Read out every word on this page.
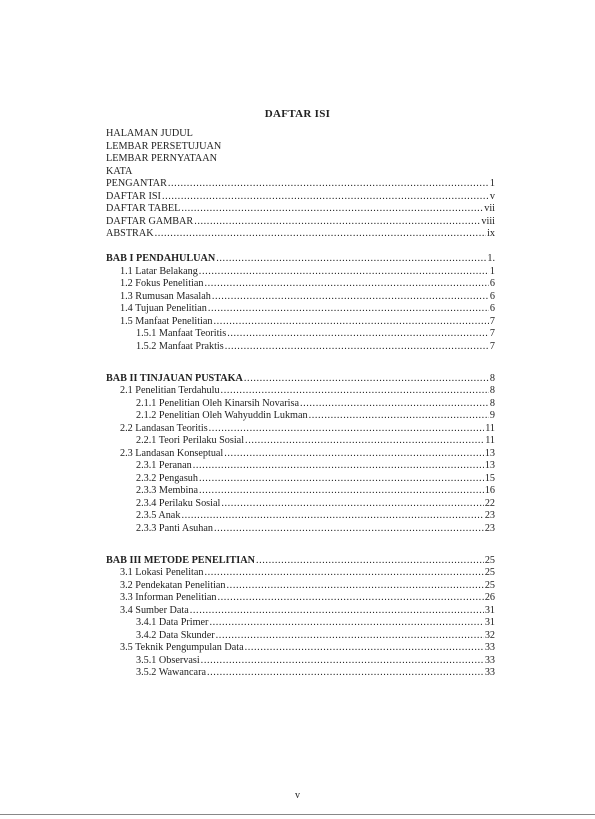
DAFTAR ISI
HALAMAN JUDUL
LEMBAR PERSETUJUAN
LEMBAR PERNYATAAN
KATA
PENGANTAR .....	1
DAFTAR ISI .....	v
DAFTAR TABEL .....	vii
DAFTAR GAMBAR .....	viii
ABSTRAK .....	ix
BAB I PENDAHULUAN .....	1.
1.1 Latar Belakang .....	1
1.2 Fokus Penelitian .....	6
1.3 Rumusan Masalah .....	6
1.4 Tujuan Penelitian .....	6
1.5 Manfaat Penelitian .....	7
1.5.1 Manfaat Teoritis .....	7
1.5.2 Manfaat Praktis .....	7
BAB II TINJAUAN PUSTAKA .....	8
2.1 Penelitian Terdahulu .....	8
2.1.1 Penelitian Oleh Kinarsih Novarisa .....	8
2.1.2 Penelitian Oleh Wahyuddin Lukman .....	9
2.2 Landasan Teoritis .....	11
2.2.1 Teori Perilaku Sosial .....	11
2.3 Landasan Konseptual .....	13
2.3.1 Peranan .....	13
2.3.2 Pengasuh .....	15
2.3.3 Membina .....	16
2.3.4 Perilaku Sosial .....	22
2.3.5 Anak .....	23
2.3.3 Panti Asuhan .....	23
BAB III METODE PENELITIAN .....	25
3.1 Lokasi Penelitan .....	25
3.2 Pendekatan Penelitian .....	25
3.3 Informan Penelitian .....	26
3.4 Sumber Data .....	31
3.4.1 Data Primer .....	31
3.4.2 Data Skunder .....	32
3.5 Teknik Pengumpulan Data .....	33
3.5.1 Observasi .....	33
3.5.2 Wawancara .....	33
v
